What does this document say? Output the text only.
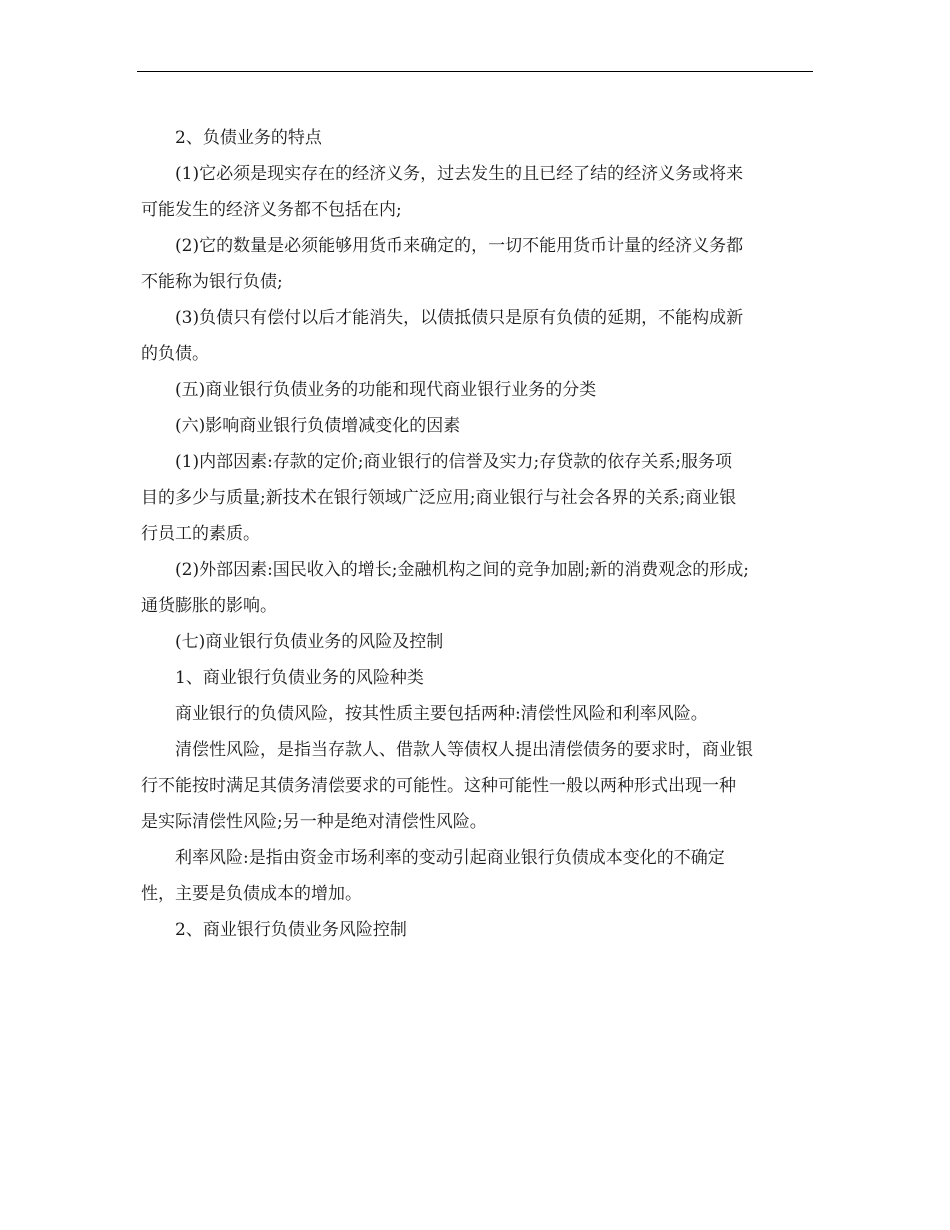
2、负债业务的特点

(1)它必须是现实存在的经济义务，过去发生的且已经了结的经济义务或将来
可能发生的经济义务都不包括在内;

(2)它的数量是必须能够用货币来确定的，一切不能用货币计量的经济义务都
不能称为银行负债;

(3)负债只有偿付以后才能消失，以债抵债只是原有负债的延期，不能构成新
的负债。

(五)商业银行负债业务的功能和现代商业银行业务的分类

(六)影响商业银行负债增减变化的因素

(1)内部因素:存款的定价;商业银行的信誉及实力;存贷款的依存关系;服务项
目的多少与质量;新技术在银行领域广泛应用;商业银行与社会各界的关系;商业银
行员工的素质。

(2)外部因素:国民收入的增长;金融机构之间的竞争加剧;新的消费观念的形成;
通货膨胀的影响。

(七)商业银行负债业务的风险及控制

1、商业银行负债业务的风险种类

商业银行的负债风险，按其性质主要包括两种:清偿性风险和利率风险。

清偿性风险，是指当存款人、借款人等债权人提出清偿债务的要求时，商业银
行不能按时满足其债务清偿要求的可能性。这种可能性一般以两种形式出现一种
是实际清偿性风险;另一种是绝对清偿性风险。

利率风险:是指由资金市场利率的变动引起商业银行负债成本变化的不确定
性，主要是负债成本的增加。

2、商业银行负债业务风险控制
